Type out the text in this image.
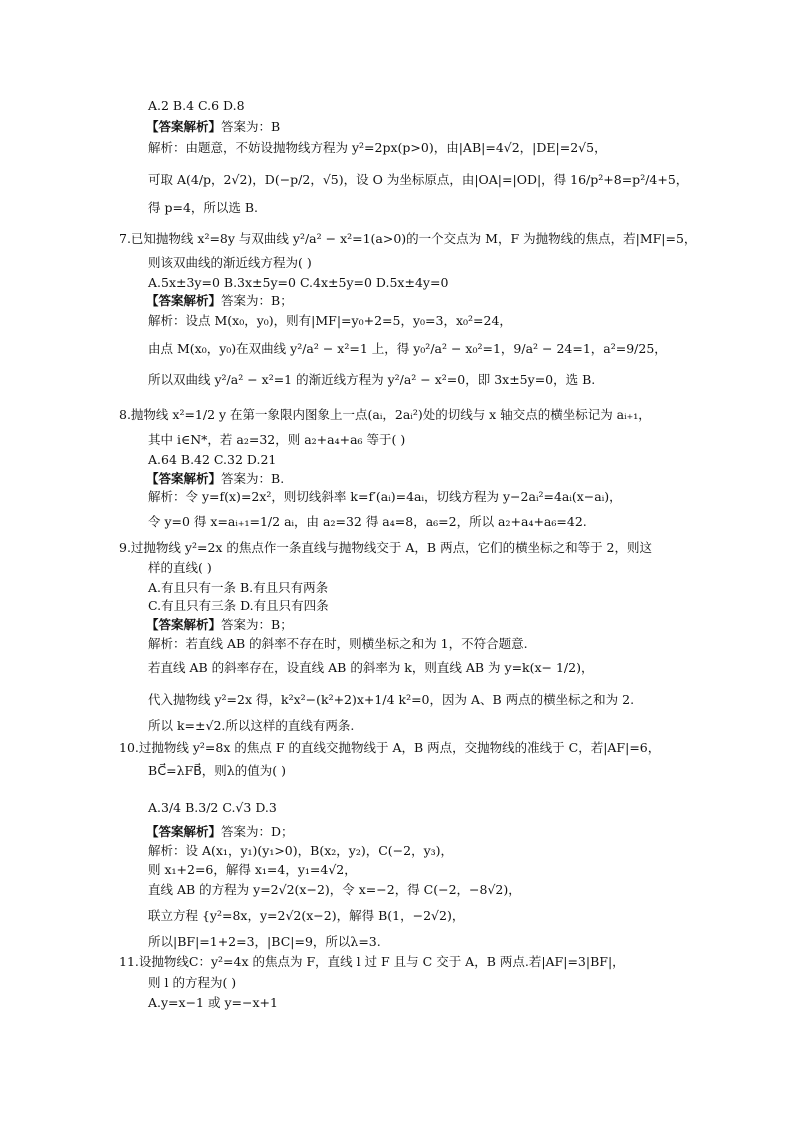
A.2 B.4 C.6 D.8
【答案解析】答案为：B
解析：由题意，不妨设抛物线方程为 y²=2px(p>0)，由|AB|=4√2，|DE|=2√5，
可取 A(4/p，2√2)，D(−p/2，√5)，设 O 为坐标原点，由|OA|=|OD|，得 16/p²+8=p²/4+5，
得 p=4，所以选 B.
7.已知抛物线 x²=8y 与双曲线 y²/a² − x²=1(a>0)的一个交点为 M，F 为抛物线的焦点，若|MF|=5，
则该双曲线的渐近线方程为( )
A.5x±3y=0 B.3x±5y=0 C.4x±5y=0 D.5x±4y=0
【答案解析】答案为：B；
解析：设点 M(x₀，y₀)，则有|MF|=y₀+2=5，y₀=3，x₀²=24，
由点 M(x₀，y₀)在双曲线 y²/a² − x²=1 上，得 y₀²/a² − x₀²=1，9/a² − 24=1，a²=9/25，
所以双曲线 y²/a² − x²=1 的渐近线方程为 y²/a² − x²=0，即 3x±5y=0，选 B.
8.抛物线 x²=1/2 y 在第一象限内图象上一点(aᵢ，2aᵢ²)处的切线与 x 轴交点的横坐标记为 aᵢ₊₁，
其中 i∈N*，若 a₂=32，则 a₂+a₄+a₆ 等于( )
A.64 B.42 C.32 D.21
【答案解析】答案为：B.
解析：令 y=f(x)=2x²，则切线斜率 k=f′(aᵢ)=4aᵢ，切线方程为 y−2aᵢ²=4aᵢ(x−aᵢ)，
令 y=0 得 x=aᵢ₊₁=1/2 aᵢ，由 a₂=32 得 a₄=8，a₆=2，所以 a₂+a₄+a₆=42.
9.过抛物线 y²=2x 的焦点作一条直线与抛物线交于 A，B 两点，它们的横坐标之和等于 2，则这
样的直线( )
A.有且只有一条 B.有且只有两条
C.有且只有三条 D.有且只有四条
【答案解析】答案为：B；
解析：若直线 AB 的斜率不存在时，则横坐标之和为 1，不符合题意.
若直线 AB 的斜率存在，设直线 AB 的斜率为 k，则直线 AB 为 y=k(x− 1/2)，
代入抛物线 y²=2x 得，k²x²−(k²+2)x+1/4 k²=0，因为 A、B 两点的横坐标之和为 2.
所以 k=±√2.所以这样的直线有两条.
10.过抛物线 y²=8x 的焦点 F 的直线交抛物线于 A，B 两点，交抛物线的准线于 C，若|AF|=6，
BC⃗=λFB⃗，则λ的值为( )
A.3/4 B.3/2 C.√3 D.3
【答案解析】答案为：D；
解析：设 A(x₁，y₁)(y₁>0)，B(x₂，y₂)，C(−2，y₃)，
则 x₁+2=6，解得 x₁=4，y₁=4√2，
直线 AB 的方程为 y=2√2(x−2)，令 x=−2，得 C(−2，−8√2)，
联立方程 {y²=8x，y=2√2(x−2)，解得 B(1，−2√2)，
所以|BF|=1+2=3，|BC|=9，所以λ=3.
11.设抛物线C：y²=4x 的焦点为 F，直线 l 过 F 且与 C 交于 A，B 两点.若|AF|=3|BF|，
则 l 的方程为( )
A.y=x−1 或 y=−x+1
